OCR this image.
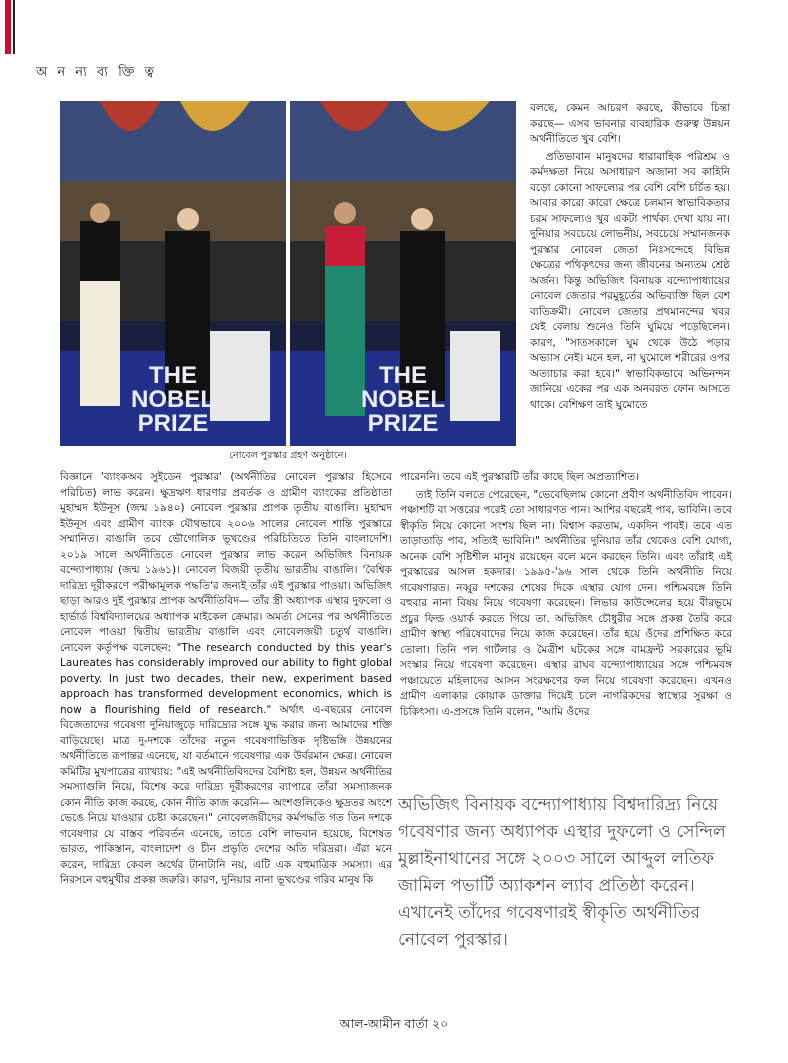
অ ন ন্য ব্য ক্তি ত্ব
THE
NOBEL
PRIZE
THE
NOBEL
PRIZE
নোবেল পুরস্কার গ্রহণ অনুষ্ঠানে।

বলছে, কেমন আচরণ করছে, কীভাবে চিন্তা করছে— এসব ভাবনার ব্যবহারিক গুরুত্ব উন্নয়ন অর্থনীতিতে খুব বেশি।

প্রতিভাবান মানুষদের ধারাবাহিক পরিশ্রম ও কর্মদক্ষতা নিয়ে অসাধারণ অজানা সব কাহিনি বড়ো কোনো সাফল্যের পর বেশি বেশি চর্চিত হয়। আবার কারো কারো ক্ষেত্রে চলমান স্বাভাবিকতার চরম সাফল্যেও খুব একটা পার্থক্য দেখা যায় না। দুনিয়ার সবচেয়ে লোভনীয়, সবচেয়ে সম্মানজনক পুরস্কার নোবেল জেতা নিঃসন্দেহে বিভিন্ন ক্ষেত্রের পথিকৃৎদের জন্য জীবনের অন্যতম শ্রেষ্ঠ অর্জন। কিন্তু অভিজিৎ বিনায়ক বন্দ্যোপাধ্যায়ের নোবেল জেতার পরমুহূর্তের অভিব্যক্তি ছিল বেশ ব্যতিক্রমী। নোবেল জেতার প্রথমানন্দের খবর যেই বেলায় শুনেও তিনি ঘুমিয়ে পড়েছিলেন। কারণ, "সাতসকালে ঘুম থেকে উঠে পড়ার অভ্যাস নেই। মনে হল, না ঘুমোলে শরীরের ওপর অত্যাচার করা হবে।" স্বাভাবিকভাবে অভিনন্দন জানিয়ে একের পর এক অনবরত ফোন আসতে থাকে। বেশিক্ষণ তাই ঘুমোতে

বিজ্ঞানে 'ব্যাংকঅব সুইডেন পুরস্কার' (অর্থনীতির নোবেল পুরস্কার হিসেবে পরিচিত) লাভ করেন। ক্ষুদ্রঋণ ধারণার প্রবর্তক ও গ্রামীণ ব্যাংকের প্রতিষ্ঠাতা মুহাম্মদ ইউনূস (জন্ম ১৯৪০) নোবেল পুরস্কার প্রাপক তৃতীয় বাঙালি। মুহাম্মদ ইউনূস এবং গ্রামীণ ব্যাংক যৌথভাবে ২০০৬ সালের নোবেল শান্তি পুরস্কারে সম্মানিত। বাঙালি তবে ভৌগোলিক ভূখণ্ডের পরিচিতিতে তিনি বাংলাদেশি। ২০১৯ সালে অর্থনীতিতে নোবেল পুরস্কার লাভ করেন অভিজিৎ বিনায়ক বন্দ্যোপাধ্যায় (জন্ম ১৯৬১)। নোবেল বিজয়ী তৃতীয় ভারতীয় বাঙালি। 'বৈশ্বিক দারিদ্র্য দূরীকরণে পরীক্ষামূলক পদ্ধতি'র জন্যই তাঁর এই পুরস্কার পাওয়া। অভিজিৎ ছাড়া আরও দুই পুরস্কার প্রাপক অর্থনীতিবিদ— তাঁর স্ত্রী অধ্যাপক এস্থার দুফলো ও হার্ভার্ড বিশ্ববিদ্যালয়ের অধ্যাপক মাইকেল ক্রেমার। অমর্ত্য সেনের পর অর্থনীতিতে নোবেল পাওয়া দ্বিতীয় ভারতীয় বাঙালি এবং নোবেলজয়ী চতুর্থ বাঙালি। নোবেল কর্তৃপক্ষ বলেছেন: "The research conducted by this year's Laureates has considerably improved our ability to fight global poverty. In just two decades, their new, experiment based approach has transformed development economics, which is now a flourishing field of research." অর্থাৎ এ-বছরের নোবেল বিজেতাদের গবেষণা দুনিয়াজুড়ে দারিদ্র্যের সঙ্গে যুদ্ধ করার জন্য আমাদের শক্তি বাড়িয়েছে। মাত্র দু-দশকে তাঁদের নতুন গবেষণাভিত্তিক দৃষ্টিভঙ্গি উন্নয়নের অর্থনীতিতে রূপান্তর এনেছে, যা বর্তমানে গবেষণার এক উর্বরমান ক্ষেত্র। নোবেল কমিটির মুখপাত্রের ব্যাখ্যায়: "এই অর্থনীতিবিদদের বৈশিষ্ট্য হল, উন্নয়ন অর্থনীতির সমস্যাগুলি নিয়ে, বিশেষ করে দারিদ্র্য দূরীকরণের ব্যাপারে তাঁরা সমস্যাজনক কোন নীতি কাজ করছে, কোন নীতি কাজ করেনি— অংশগুলিকেও ক্ষুদ্রতর অংশে ভেঙে নিয়ে যাওয়ার চেষ্টা করেছেন।" নোবেলজয়ীদের কর্মপদ্ধতি গত তিন দশকে গবেষণার যে বাস্তব পরিবর্তন এনেছে, তাতে বেশি লাভবান হয়েছে, বিশেষত ভারত, পাকিস্তান, বাংলাদেশ ও চীন প্রভৃতি দেশের অতি দরিদ্ররা। এঁরা মনে করেন, দারিদ্র্য কেবল অর্থের টানাটানি নয়, এটি এক বহুমাত্রিক সমস্যা। এর নিরসনে বহুমুখীর প্রকল্প জরুরি। কারণ, দুনিয়ার নানা ভূখণ্ডের গরিব মানুষ কি

পারেননি। তবে এই পুরস্কারটি তাঁর কাছে ছিল অপ্রত্যাশিত।

তাই তিনি বলতে পেরেছেন, "ভেবেছিলাম কোনো প্রবীণ অর্থনীতিবিদ পাবেন। পঞ্চাশটি বা সত্তরের পরেই তো সাধারণত পান। আশির বছরেই পাব, ভাবিনি। তবে স্বীকৃতি নিয়ে কোনো সংশয় ছিল না। বিশ্বাস করতাম, একদিন পাবই। তবে এত তাড়াতাড়ি পাব, সত্যিই ভাবিনি।" অর্থনীতির দুনিয়ার তাঁর থেকেও বেশি যোগ্য, অনেক বেশি সৃষ্টিশীল মানুষ রয়েছেন বলে মনে করছেন তিনি। এবং তাঁরাই এই পুরস্কারের আসল হকদার। ১৯৯৫-'৯৬ সাল থেকে তিনি অর্থনীতি নিয়ে গবেষণারত। নব্বুর দশকের শেষের দিকে এস্থার যোগ দেন। পশ্চিমবঙ্গে তিনি বহুবার নানা বিষয় নিয়ে গবেষণা করেছেন। লিভার কাউন্সেলের হয়ে বীরভূমে প্রচুর ফিল্ড ওয়ার্ক করতে গিয়ে তা. অভিজিৎ চৌধুরীর সঙ্গে প্রকল্প তৈরি করে গ্রামীণ স্বাস্থ্য পরিষেবাদের নিয়ে কাজ করেছেন। তাঁর হয়ে ওঁদের প্রশিক্ষিত করে তোলা। তিনি পল গার্টলার ও মৈত্রীশ ঘটকের সঙ্গে বামফ্রন্ট সরকারের ভূমি সংস্কার নিয়ে গবেষণা করেছেন। এস্থার রাঘব বন্দ্যোপাধ্যায়ের সঙ্গে পশ্চিমবঙ্গ পঞ্চায়েতে মহিলাদের আসন সংরক্ষণের ফল নিয়ে গবেষণা করেছেন। এখনও গ্রামীণ এলাকার কোয়াক ডাক্তার দিয়েই চলে নাগরিকদের স্বাস্থ্যের সুরক্ষা ও চিকিৎসা। এ-প্রসঙ্গে তিনি বলেন, "আমি ওঁদের

অভিজিৎ বিনায়ক বন্দ্যোপাধ্যায় বিশ্বদারিদ্র্য নিয়ে গবেষণার জন্য অধ্যাপক এস্থার দুফলো ও সেন্দিল মুল্লাইনাথানের সঙ্গে ২০০৩ সালে আব্দুল লতিফ জামিল পভার্টি অ্যাকশন ল্যাব প্রতিষ্ঠা করেন। এখানেই তাঁদের গবেষণারই স্বীকৃতি অর্থনীতির নোবেল পুরস্কার।

আল-আমীন বার্তা ২০
